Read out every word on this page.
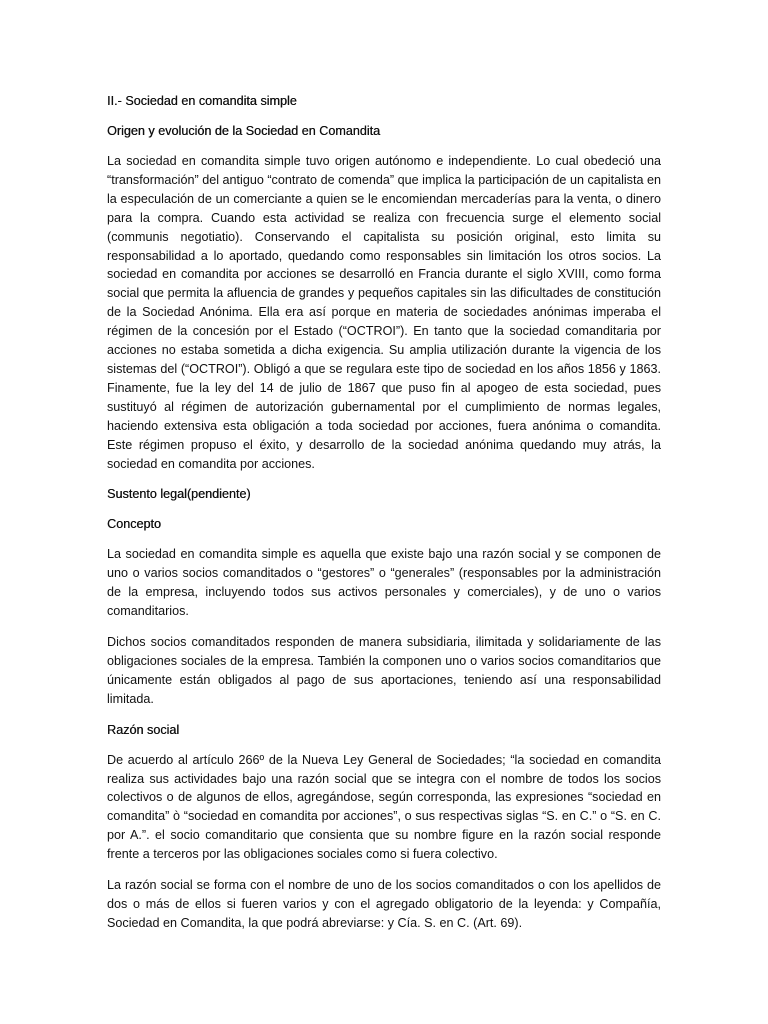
II.- Sociedad en comandita simple
Origen y evolución de la Sociedad en Comandita
La sociedad en comandita simple tuvo origen autónomo e independiente. Lo cual obedeció una “transformación” del antiguo “contrato de comenda” que implica la participación de un capitalista en la especulación de un comerciante a quien se le encomiendan mercaderías para la venta, o dinero para la compra. Cuando esta actividad se realiza con frecuencia surge el elemento social (communis negotiatio). Conservando el capitalista su posición original, esto limita su responsabilidad a lo aportado, quedando como responsables sin limitación los otros socios. La sociedad en comandita por acciones se desarrolló en Francia durante el siglo XVIII, como forma social que permita la afluencia de grandes y pequeños capitales sin las dificultades de constitución de la Sociedad Anónima. Ella era así porque en materia de sociedades anónimas imperaba el régimen de la concesión por el Estado (“OCTROI”). En tanto que la sociedad comanditaria por acciones no estaba sometida a dicha exigencia. Su amplia utilización durante la vigencia de los sistemas del (“OCTROI”). Obligó a que se regulara este tipo de sociedad en los años 1856 y 1863. Finamente, fue la ley del 14 de julio de 1867 que puso fin al apogeo de esta sociedad, pues sustituyó al régimen de autorización gubernamental por el cumplimiento de normas legales, haciendo extensiva esta obligación a toda sociedad por acciones, fuera anónima o comandita. Este régimen propuso el éxito, y desarrollo de la sociedad anónima quedando muy atrás, la sociedad en comandita por acciones.
Sustento legal(pendiente)
Concepto
La sociedad en comandita simple es aquella que existe bajo una razón social y se componen de uno o varios socios comanditados o “gestores” o “generales” (responsables por la administración de la empresa, incluyendo todos sus activos personales y comerciales), y de uno o varios comanditarios.
Dichos socios comanditados responden de manera subsidiaria, ilimitada y solidariamente de las obligaciones sociales de la empresa. También la componen uno o varios socios comanditarios que únicamente están obligados al pago de sus aportaciones, teniendo así una responsabilidad limitada.
Razón social
De acuerdo al artículo 266º de la Nueva Ley General de Sociedades; “la sociedad en comandita realiza sus actividades bajo una razón social que se integra con el nombre de todos los socios colectivos o de algunos de ellos, agregándose, según corresponda, las expresiones “sociedad en comandita” ò “sociedad en comandita por acciones”, o sus respectivas siglas “S. en C.” o “S. en C. por A.”. el socio comanditario que consienta que su nombre figure en la razón social responde frente a terceros por las obligaciones sociales como si fuera colectivo.
La razón social se forma con el nombre de uno de los socios comanditados o con los apellidos de dos o más de ellos si fueren varios y con el agregado obligatorio de la leyenda: y Compañía, Sociedad en Comandita, la que podrá abreviarse: y Cía. S. en C. (Art. 69).
